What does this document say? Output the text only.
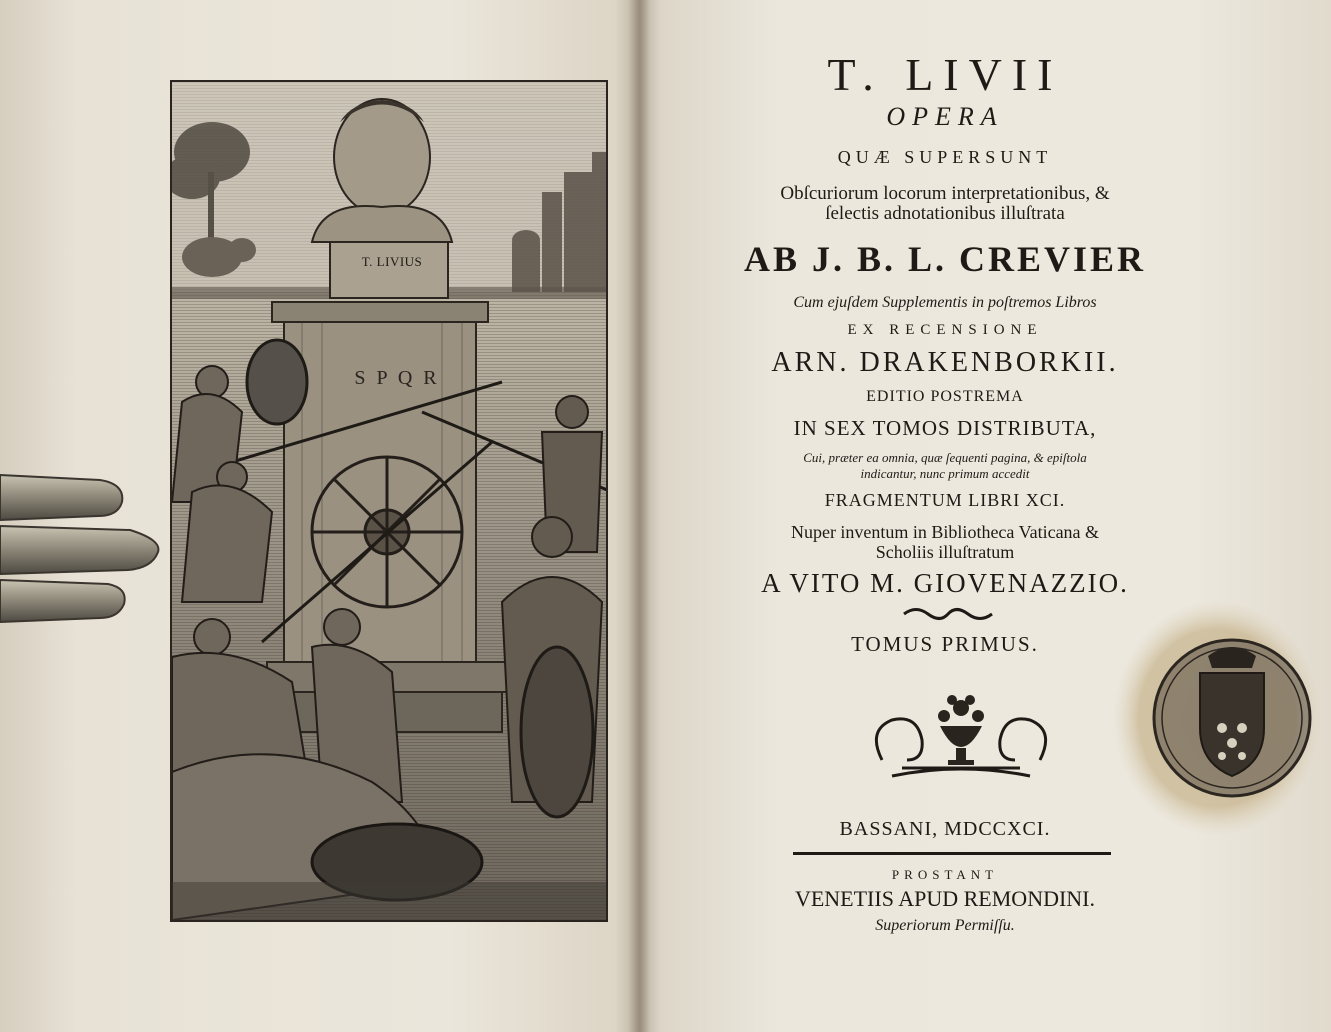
T. LIVIUS
S P Q R
T. LIVII
OPERA
QUÆ SUPERSUNT
Obſcuriorum locorum interpretationibus, &
ſelectis adnotationibus illuſtrata
AB J. B. L. CREVIER
Cum ejuſdem Supplementis in poſtremos Libros
EX RECENSIONE
ARN. DRAKENBORKII.
EDITIO POSTREMA
IN SEX TOMOS DISTRIBUTA,
Cui, præter ea omnia, quæ ſequenti pagina, & epiſtola
indicantur, nunc primum accedit
FRAGMENTUM LIBRI XCI.
Nuper inventum in Bibliotheca Vaticana &
Scholiis illuſtratum
A VITO M. GIOVENAZZIO.
TOMUS PRIMUS.
BASSANI, MDCCXCI.
PROSTANT
VENETIIS APUD REMONDINI.
Superiorum Permiſſu.
